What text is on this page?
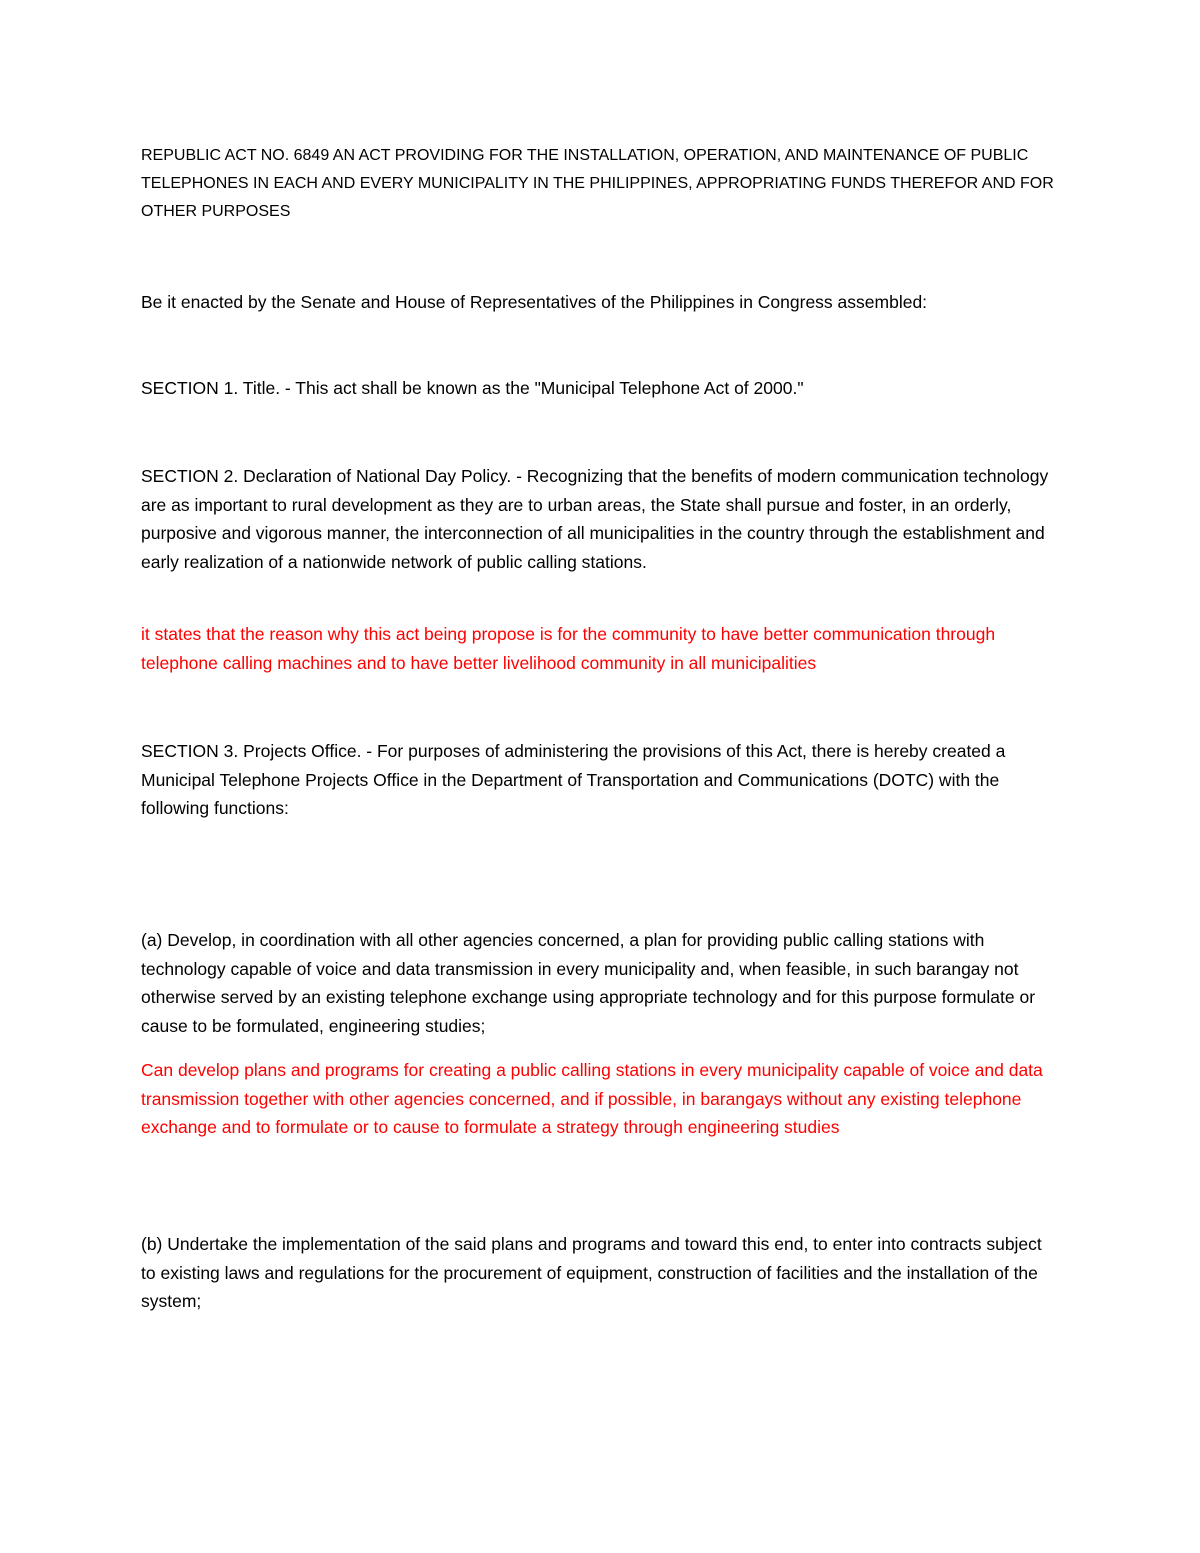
REPUBLIC ACT NO. 6849 AN ACT PROVIDING FOR THE INSTALLATION, OPERATION, AND MAINTENANCE OF PUBLIC TELEPHONES IN EACH AND EVERY MUNICIPALITY IN THE PHILIPPINES, APPROPRIATING FUNDS THEREFOR AND FOR OTHER PURPOSES

Be it enacted by the Senate and House of Representatives of the Philippines in Congress assembled:

SECTION 1. Title. - This act shall be known as the "Municipal Telephone Act of 2000."

SECTION 2. Declaration of National Day Policy. - Recognizing that the benefits of modern communication technology are as important to rural development as they are to urban areas, the State shall pursue and foster, in an orderly, purposive and vigorous manner, the interconnection of all municipalities in the country through the establishment and early realization of a nationwide network of public calling stations.

it states that the reason why this act being propose is for the community to have better communication through telephone calling machines and to have better livelihood community in all municipalities

SECTION 3. Projects Office. - For purposes of administering the provisions of this Act, there is hereby created a Municipal Telephone Projects Office in the Department of Transportation and Communications (DOTC) with the following functions:

(a) Develop, in coordination with all other agencies concerned, a plan for providing public calling stations with technology capable of voice and data transmission in every municipality and, when feasible, in such barangay not otherwise served by an existing telephone exchange using appropriate technology and for this purpose formulate or cause to be formulated, engineering studies;

Can develop plans and programs for creating a public calling stations in every municipality capable of voice and data transmission together with other agencies concerned, and if possible, in barangays without any existing telephone exchange and to formulate or to cause to formulate a strategy through engineering studies

(b) Undertake the implementation of the said plans and programs and toward this end, to enter into contracts subject to existing laws and regulations for the procurement of equipment, construction of facilities and the installation of the system;
